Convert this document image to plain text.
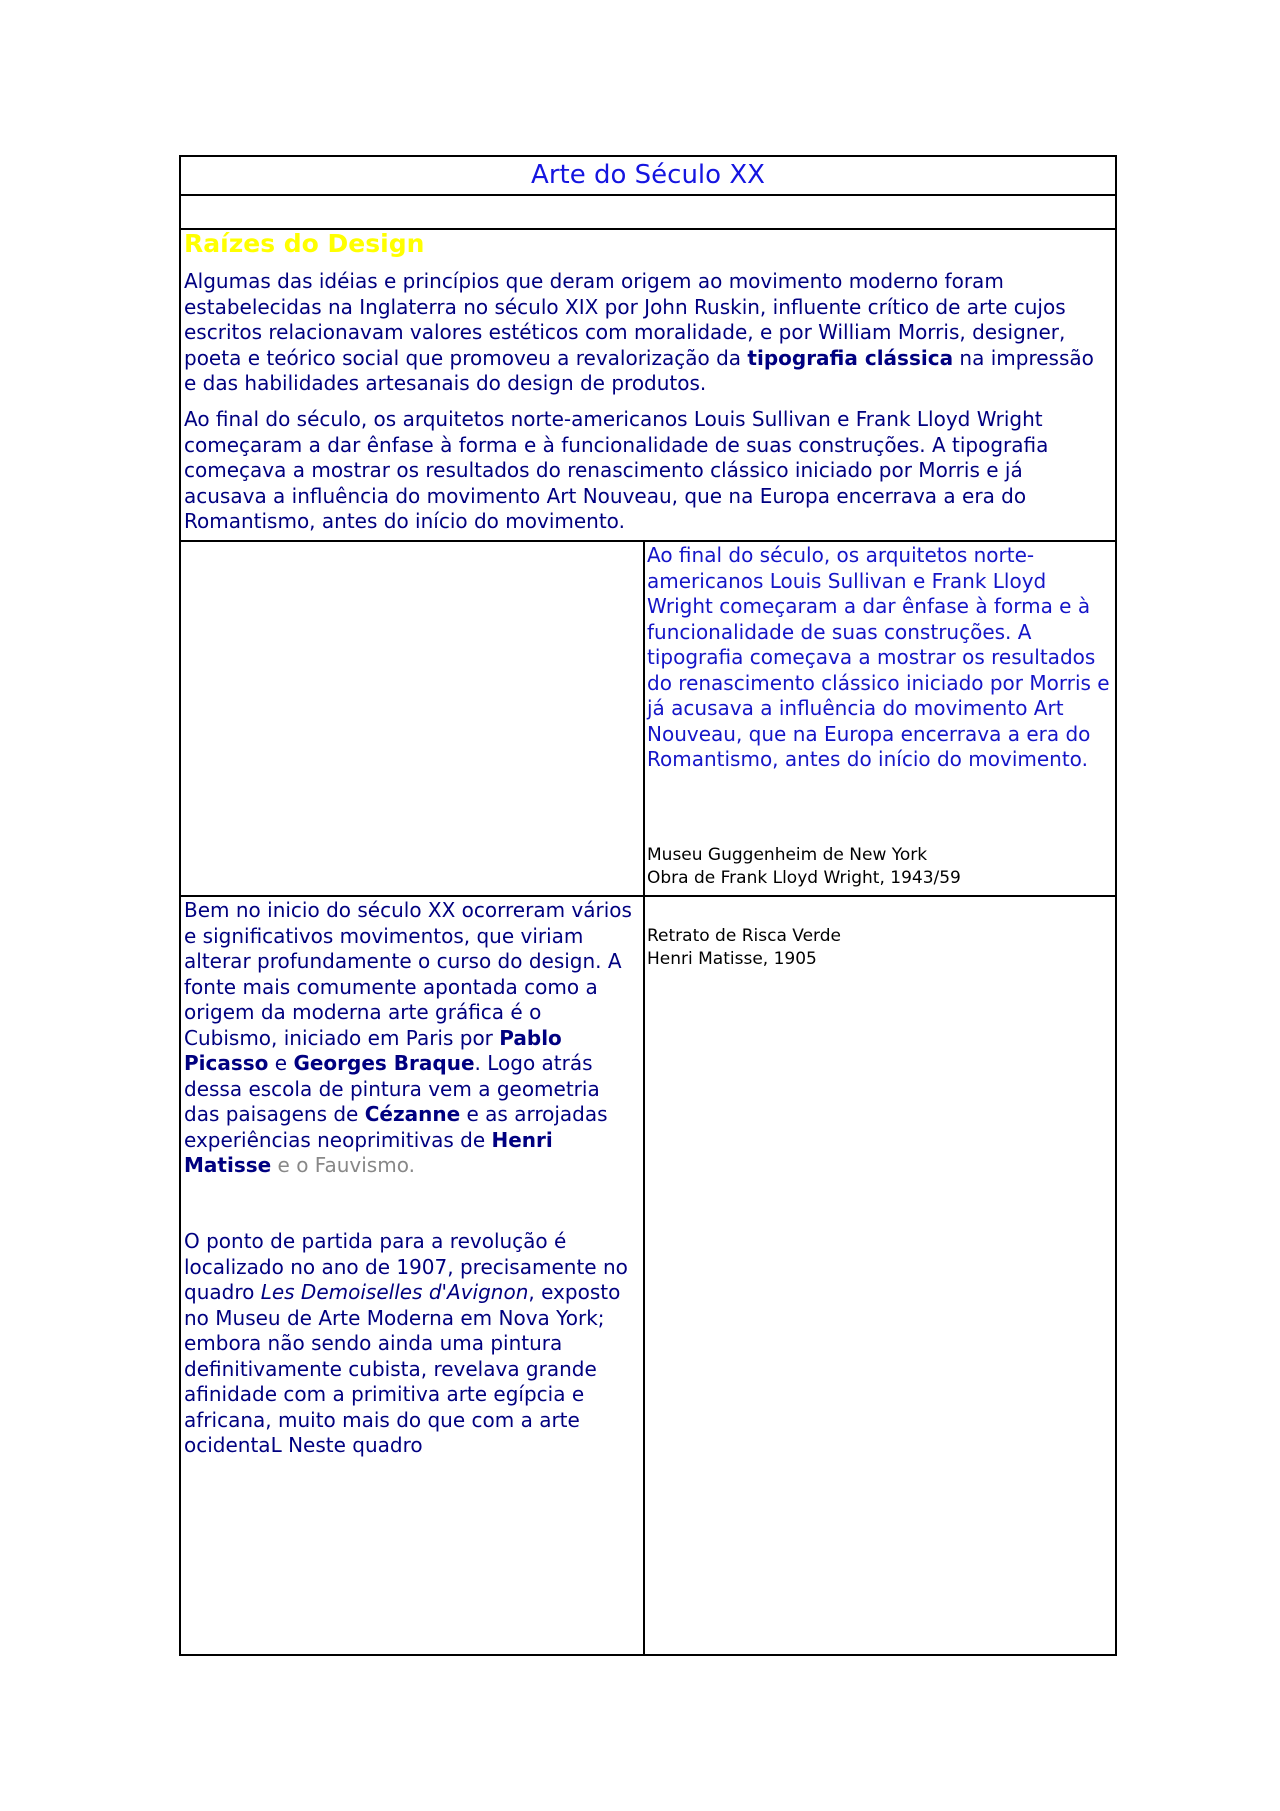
Arte do Século XX
Raízes do Design

Algumas das idéias e princípios que deram origem ao movimento moderno foram estabelecidas na Inglaterra no século XIX por John Ruskin, influente crítico de arte cujos escritos relacionavam valores estéticos com moralidade, e por William Morris, designer, poeta e teórico social que promoveu a revalorização da tipografia clássica na impressão e das habilidades artesanais do design de produtos.

Ao final do século, os arquitetos norte-americanos Louis Sullivan e Frank Lloyd Wright começaram a dar ênfase à forma e à funcionalidade de suas construções. A tipografia começava a mostrar os resultados do renascimento clássico iniciado por Morris e já acusava a influência do movimento Art Nouveau, que na Europa encerrava a era do Romantismo, antes do início do movimento.

Ao final do século, os arquitetos norte-americanos Louis Sullivan e Frank Lloyd Wright começaram a dar ênfase à forma e à funcionalidade de suas construções. A tipografia começava a mostrar os resultados do renascimento clássico iniciado por Morris e já acusava a influência do movimento Art Nouveau, que na Europa encerrava a era do Romantismo, antes do início do movimento.

Museu Guggenheim de New York
Obra de Frank Lloyd Wright, 1943/59

Bem no inicio do século XX ocorreram vários e significativos movimentos, que viriam alterar profundamente o curso do design. A fonte mais comumente apontada como a origem da moderna arte gráfica é o Cubismo, iniciado em Paris por Pablo Picasso e Georges Braque. Logo atrás dessa escola de pintura vem a geometria das paisagens de Cézanne e as arrojadas experiências neoprimitivas de Henri Matisse e o Fauvismo.

O ponto de partida para a revolução é localizado no ano de 1907, precisamente no quadro Les Demoiselles d'Avignon, exposto no Museu de Arte Moderna em Nova York; embora não sendo ainda uma pintura definitivamente cubista, revelava grande afinidade com a primitiva arte egípcia e africana, muito mais do que com a arte ocidentaL Neste quadro

Retrato de Risca Verde
Henri Matisse, 1905
